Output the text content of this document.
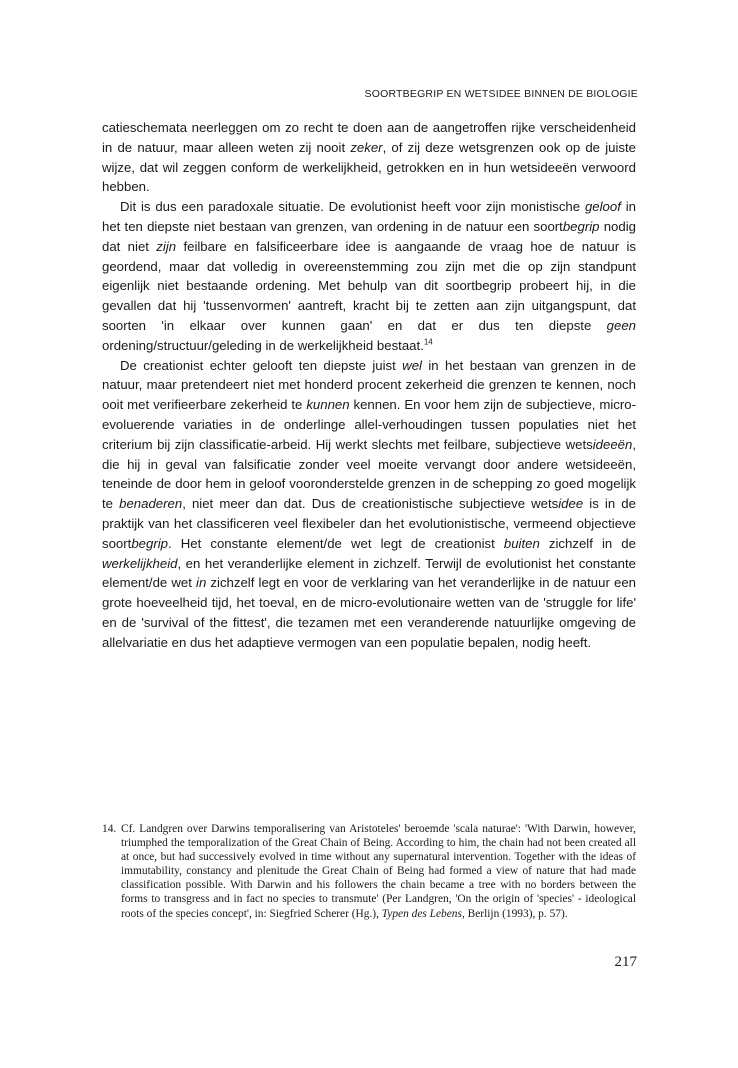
SOORTBEGRIP EN WETSIDEE BINNEN DE BIOLOGIE

catieschemata neerleggen om zo recht te doen aan de aangetroffen rijke verscheidenheid in de natuur, maar alleen weten zij nooit zeker, of zij deze wetsgrenzen ook op de juiste wijze, dat wil zeggen conform de werkelijkheid, getrokken en in hun wetsideeën verwoord hebben.

Dit is dus een paradoxale situatie. De evolutionist heeft voor zijn monistische geloof in het ten diepste niet bestaan van grenzen, van ordening in de natuur een soortbegrip nodig dat niet zijn feilbare en falsificeerbare idee is aangaande de vraag hoe de natuur is geordend, maar dat volledig in overeenstemming zou zijn met die op zijn standpunt eigenlijk niet bestaande ordening. Met behulp van dit soortbegrip probeert hij, in die gevallen dat hij 'tussenvormen' aantreft, kracht bij te zetten aan zijn uitgangspunt, dat soorten 'in elkaar over kunnen gaan' en dat er dus ten diepste geen ordening/structuur/geleding in de werkelijkheid bestaat.$^{14}$

De creationist echter gelooft ten diepste juist wel in het bestaan van grenzen in de natuur, maar pretendeert niet met honderd procent zekerheid die grenzen te kennen, noch ooit met verifieerbare zekerheid te kunnen kennen. En voor hem zijn de subjectieve, micro-evoluerende variaties in de onderlinge allel-verhoudingen tussen populaties niet het criterium bij zijn classificatie-arbeid. Hij werkt slechts met feilbare, subjectieve wetsideeën, die hij in geval van falsificatie zonder veel moeite vervangt door andere wetsideeën, teneinde de door hem in geloof vooronderstelde grenzen in de schepping zo goed mogelijk te benaderen, niet meer dan dat. Dus de creationistische subjectieve wetsidee is in de praktijk van het classificeren veel flexibeler dan het evolutionistische, vermeend objectieve soortbegrip. Het constante element/de wet legt de creationist buiten zichzelf in de werkelijkheid, en het veranderlijke element in zichzelf. Terwijl de evolutionist het constante element/de wet in zichzelf legt en voor de verklaring van het veranderlijke in de natuur een grote hoeveelheid tijd, het toeval, en de micro-evolutionaire wetten van de 'struggle for life' en de 'survival of the fittest', die tezamen met een veranderende natuurlijke omgeving de allelvariatie en dus het adaptieve vermogen van een populatie bepalen, nodig heeft.

14. Cf. Landgren over Darwins temporalisering van Aristoteles' beroemde 'scala naturae': 'With Darwin, however, triumphed the temporalization of the Great Chain of Being. According to him, the chain had not been created all at once, but had successively evolved in time without any supernatural intervention. Together with the ideas of immutability, constancy and plenitude the Great Chain of Being had formed a view of nature that had made classification possible. With Darwin and his followers the chain became a tree with no borders between the forms to transgress and in fact no species to transmute' (Per Landgren, 'On the origin of 'species' - ideological roots of the species concept', in: Siegfried Scherer (Hg.), Typen des Lebens, Berlijn (1993), p. 57).
217
